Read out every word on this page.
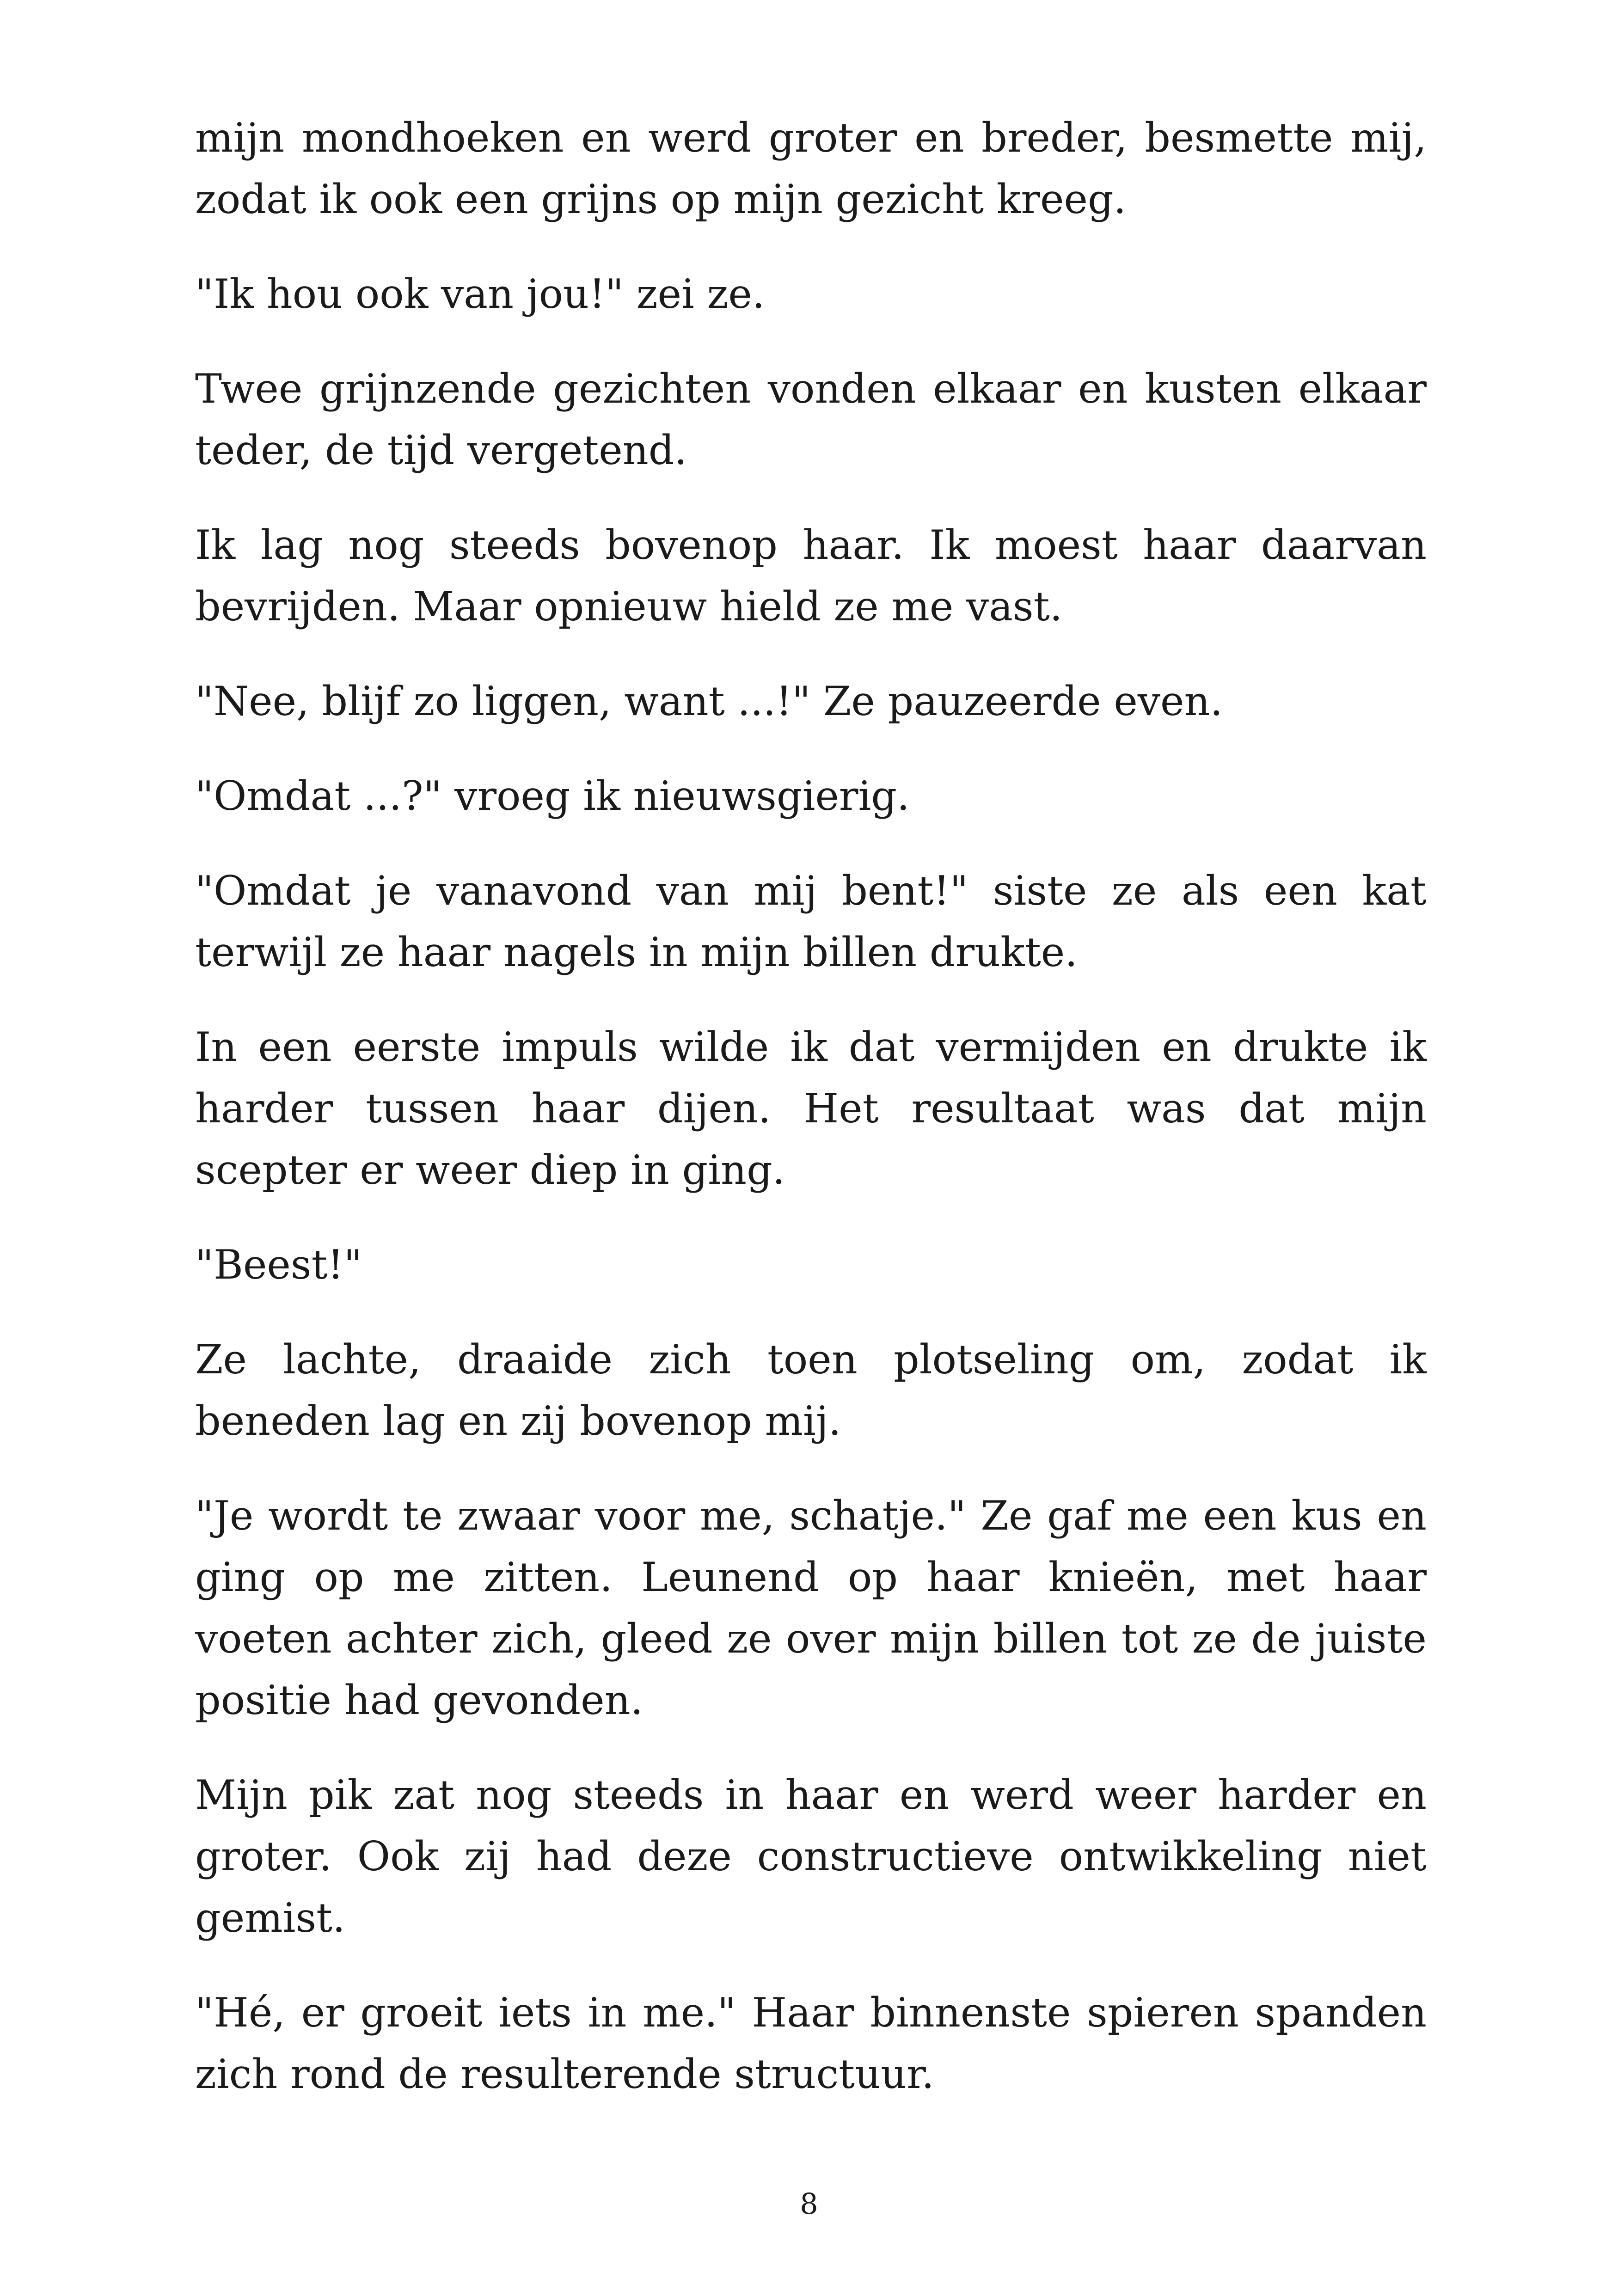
mijn mondhoeken en werd groter en breder, besmette mij, zodat ik ook een grijns op mijn gezicht kreeg.

"Ik hou ook van jou!" zei ze.

Twee grijnzende gezichten vonden elkaar en kusten elkaar teder, de tijd vergetend.

Ik lag nog steeds bovenop haar. Ik moest haar daarvan bevrijden. Maar opnieuw hield ze me vast.

"Nee, blijf zo liggen, want ...!" Ze pauzeerde even.

"Omdat ...?" vroeg ik nieuwsgierig.

"Omdat je vanavond van mij bent!" siste ze als een kat terwijl ze haar nagels in mijn billen drukte.

In een eerste impuls wilde ik dat vermijden en drukte ik harder tussen haar dijen. Het resultaat was dat mijn scepter er weer diep in ging.

"Beest!"

Ze lachte, draaide zich toen plotseling om, zodat ik beneden lag en zij bovenop mij.

"Je wordt te zwaar voor me, schatje." Ze gaf me een kus en ging op me zitten. Leunend op haar knieën, met haar voeten achter zich, gleed ze over mijn billen tot ze de juiste positie had gevonden.

Mijn pik zat nog steeds in haar en werd weer harder en groter. Ook zij had deze constructieve ontwikkeling niet gemist.

"Hé, er groeit iets in me." Haar binnenste spieren spanden zich rond de resulterende structuur.

8
